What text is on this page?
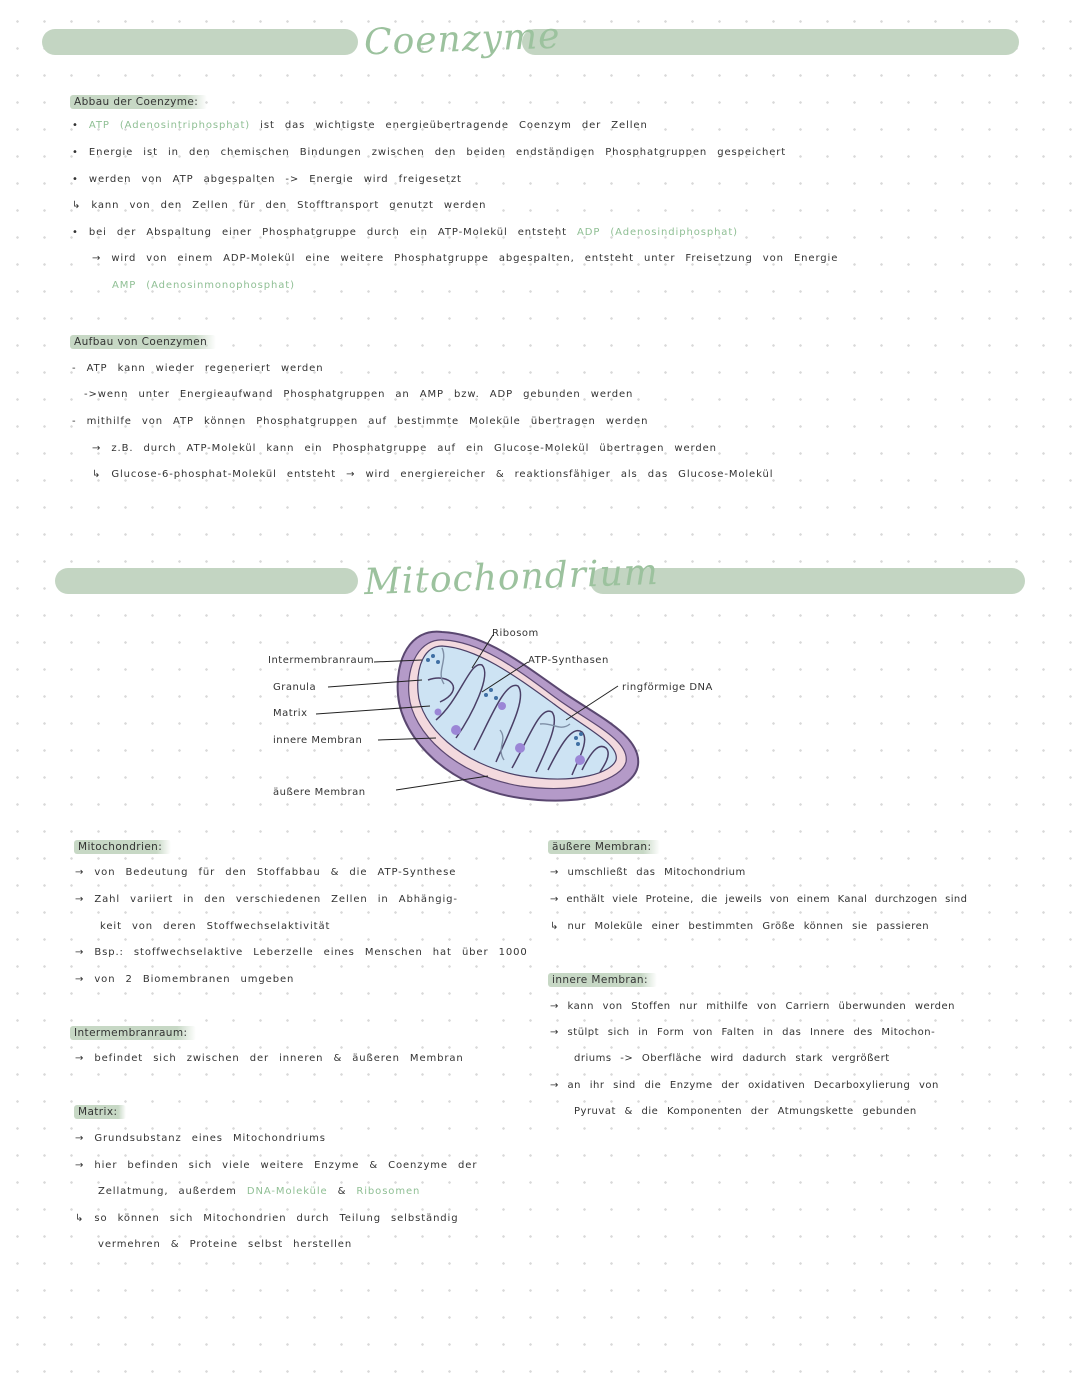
Coenzyme
Abbau der Coenzyme:
• ATP (Adenosintriphosphat) ist das wichtigste energieübertragende Coenzym der Zellen
• Energie ist in den chemischen Bindungen zwischen den beiden endständigen Phosphatgruppen gespeichert
• werden von ATP abgespalten -> Energie wird freigesetzt
↳ kann von den Zellen für den Stofftransport genutzt werden
• bei der Abspaltung einer Phosphatgruppe durch ein ATP-Molekül entsteht ADP (Adenosindiphosphat)
→ wird von einem ADP-Molekül eine weitere Phosphatgruppe abgespalten, entsteht unter Freisetzung von Energie
AMP (Adenosinmonophosphat)
Aufbau von Coenzymen
- ATP kann wieder regeneriert werden
->wenn unter Energieaufwand Phosphatgruppen an AMP bzw. ADP gebunden werden
- mithilfe von ATP können Phosphatgruppen auf bestimmte Moleküle übertragen werden
→ z.B. durch ATP-Molekül kann ein Phosphatgruppe auf ein Glucose-Molekül übertragen werden
↳ Glucose-6-phosphat-Molekül entsteht → wird energiereicher & reaktionsfähiger als das Glucose-Molekül
Mitochondrium
Ribosom
Intermembranraum	ATP-Synthasen
Granula	ringförmige DNA
Matrix
innere Membran
äußere Membran
Mitochondrien:
→ von Bedeutung für den Stoffabbau & die ATP-Synthese
→ Zahl variiert in den verschiedenen Zellen in Abhängig-
keit von deren Stoffwechselaktivität
→ Bsp.: stoffwechselaktive Leberzelle eines Menschen hat über 1000
→ von 2 Biomembranen umgeben
Intermembranraum:
→ befindet sich zwischen der inneren & äußeren Membran
Matrix:
→ Grundsubstanz eines Mitochondriums
→ hier befinden sich viele weitere Enzyme & Coenzyme der
Zellatmung, außerdem DNA-Moleküle & Ribosomen
↳ so können sich Mitochondrien durch Teilung selbständig
vermehren & Proteine selbst herstellen
äußere Membran:
→ umschließt das Mitochondrium
→ enthält viele Proteine, die jeweils von einem Kanal durchzogen sind
↳ nur Moleküle einer bestimmten Größe können sie passieren
innere Membran:
→ kann von Stoffen nur mithilfe von Carriern überwunden werden
→ stülpt sich in Form von Falten in das Innere des Mitochon-
driums -> Oberfläche wird dadurch stark vergrößert
→ an ihr sind die Enzyme der oxidativen Decarboxylierung von
Pyruvat & die Komponenten der Atmungskette gebunden
